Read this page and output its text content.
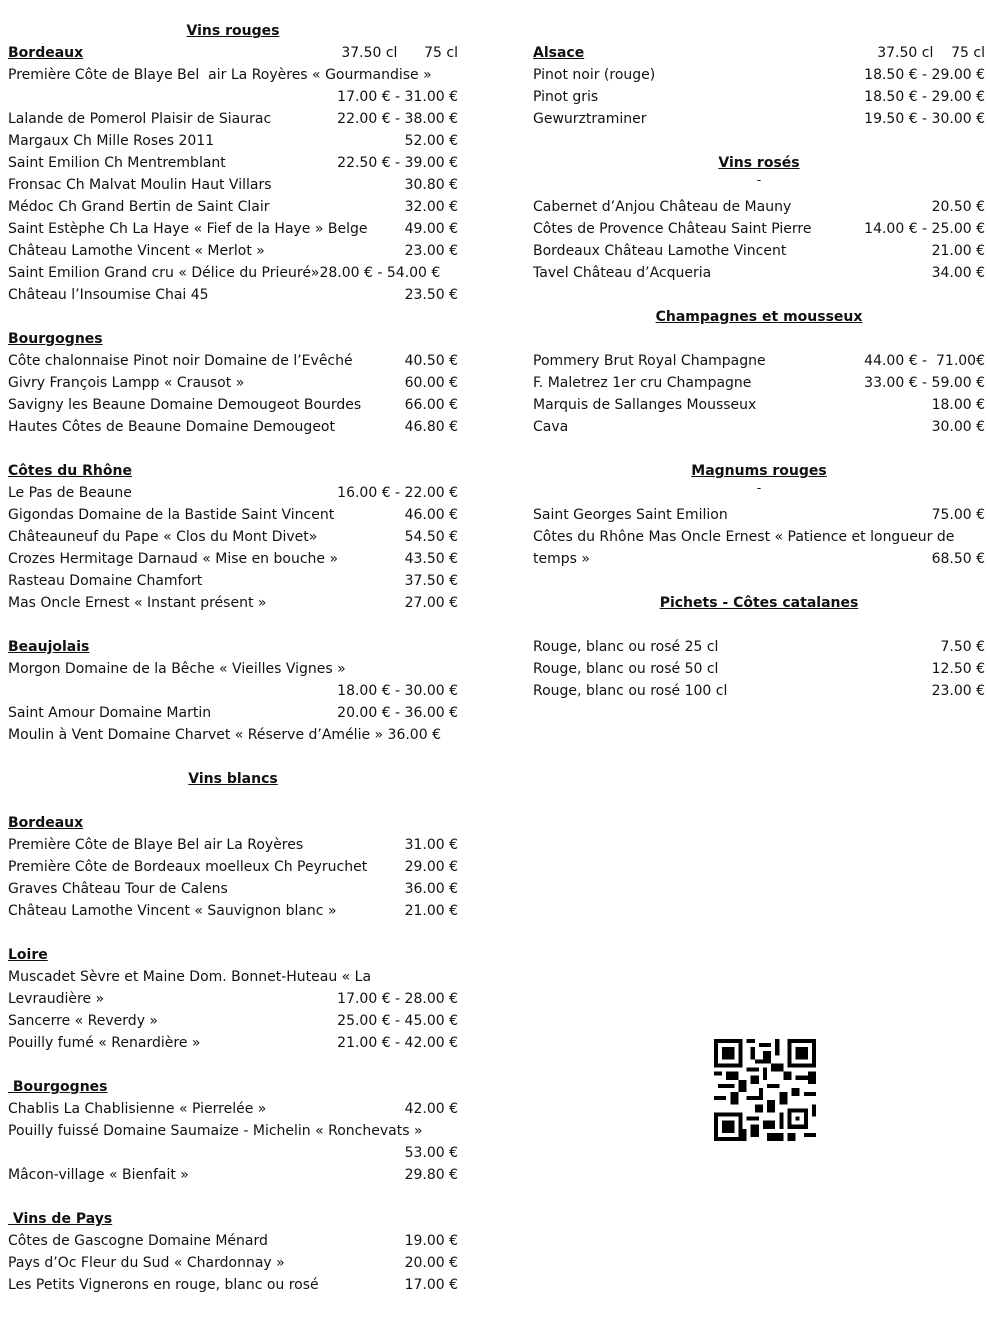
Vins rouges
Bordeaux	37.50 cl      75 cl
Première Côte de Blaye Bel  air La Royères « Gourmandise »
17.00 € - 31.00 €
Lalande de Pomerol Plaisir de Siaurac	22.00 € - 38.00 €
Margaux Ch Mille Roses 2011	52.00 €
Saint Emilion Ch Mentremblant	22.50 € - 39.00 €
Fronsac Ch Malvat Moulin Haut Villars	30.80 €
Médoc Ch Grand Bertin de Saint Clair	32.00 €
Saint Estèphe Ch La Haye « Fief de la Haye » Belge	49.00 €
Château Lamothe Vincent « Merlot »	23.00 €
Saint Emilion Grand cru « Délice du Prieuré»28.00 € - 54.00 €
Château l’Insoumise Chai 45	23.50 €
Bourgognes
Côte chalonnaise Pinot noir Domaine de l’Evêché	40.50 €
Givry François Lampp « Crausot »	60.00 €
Savigny les Beaune Domaine Demougeot Bourdes	66.00 €
Hautes Côtes de Beaune Domaine Demougeot	46.80 €
Côtes du Rhône
Le Pas de Beaune	16.00 € - 22.00 €
Gigondas Domaine de la Bastide Saint Vincent	46.00 €
Châteauneuf du Pape « Clos du Mont Divet»	54.50 €
Crozes Hermitage Darnaud « Mise en bouche »	43.50 €
Rasteau Domaine Chamfort	37.50 €
Mas Oncle Ernest « Instant présent »	27.00 €
Beaujolais
Morgon Domaine de la Bêche « Vieilles Vignes »
18.00 € - 30.00 €
Saint Amour Domaine Martin	20.00 € - 36.00 €
Moulin à Vent Domaine Charvet « Réserve d’Amélie » 36.00 €
Vins blancs
Bordeaux
Première Côte de Blaye Bel air La Royères	31.00 €
Première Côte de Bordeaux moelleux Ch Peyruchet	29.00 €
Graves Château Tour de Calens	36.00 €
Château Lamothe Vincent « Sauvignon blanc »	21.00 €
Loire
Muscadet Sèvre et Maine Dom. Bonnet-Huteau « La
Levraudière »	17.00 € - 28.00 €
Sancerre « Reverdy »	25.00 € - 45.00 €
Pouilly fumé « Renardière »	21.00 € - 42.00 €
Bourgognes
Chablis La Chablisienne « Pierrelée »	42.00 €
Pouilly fuissé Domaine Saumaize - Michelin « Ronchevats »
53.00 €
Mâcon-village « Bienfait »	29.80 €
Vins de Pays
Côtes de Gascogne Domaine Ménard	19.00 €
Pays d’Oc Fleur du Sud « Chardonnay »	20.00 €
Les Petits Vignerons en rouge, blanc ou rosé	17.00 €
Alsace	37.50 cl    75 cl
Pinot noir (rouge)	18.50 € - 29.00 €
Pinot gris	18.50 € - 29.00 €
Gewurztraminer	19.50 € - 30.00 €
Vins rosés
-
Cabernet d’Anjou Château de Mauny	20.50 €
Côtes de Provence Château Saint Pierre	14.00 € - 25.00 €
Bordeaux Château Lamothe Vincent	21.00 €
Tavel Château d’Acqueria	34.00 €
Champagnes et mousseux
Pommery Brut Royal Champagne	44.00 € -  71.00€
F. Maletrez 1er cru Champagne	33.00 € - 59.00 €
Marquis de Sallanges Mousseux	18.00 €
Cava	30.00 €
Magnums rouges
-
Saint Georges Saint Emilion	75.00 €
Côtes du Rhône Mas Oncle Ernest « Patience et longueur de
temps »	68.50 €
Pichets - Côtes catalanes
Rouge, blanc ou rosé 25 cl	7.50 €
Rouge, blanc ou rosé 50 cl	12.50 €
Rouge, blanc ou rosé 100 cl	23.00 €
